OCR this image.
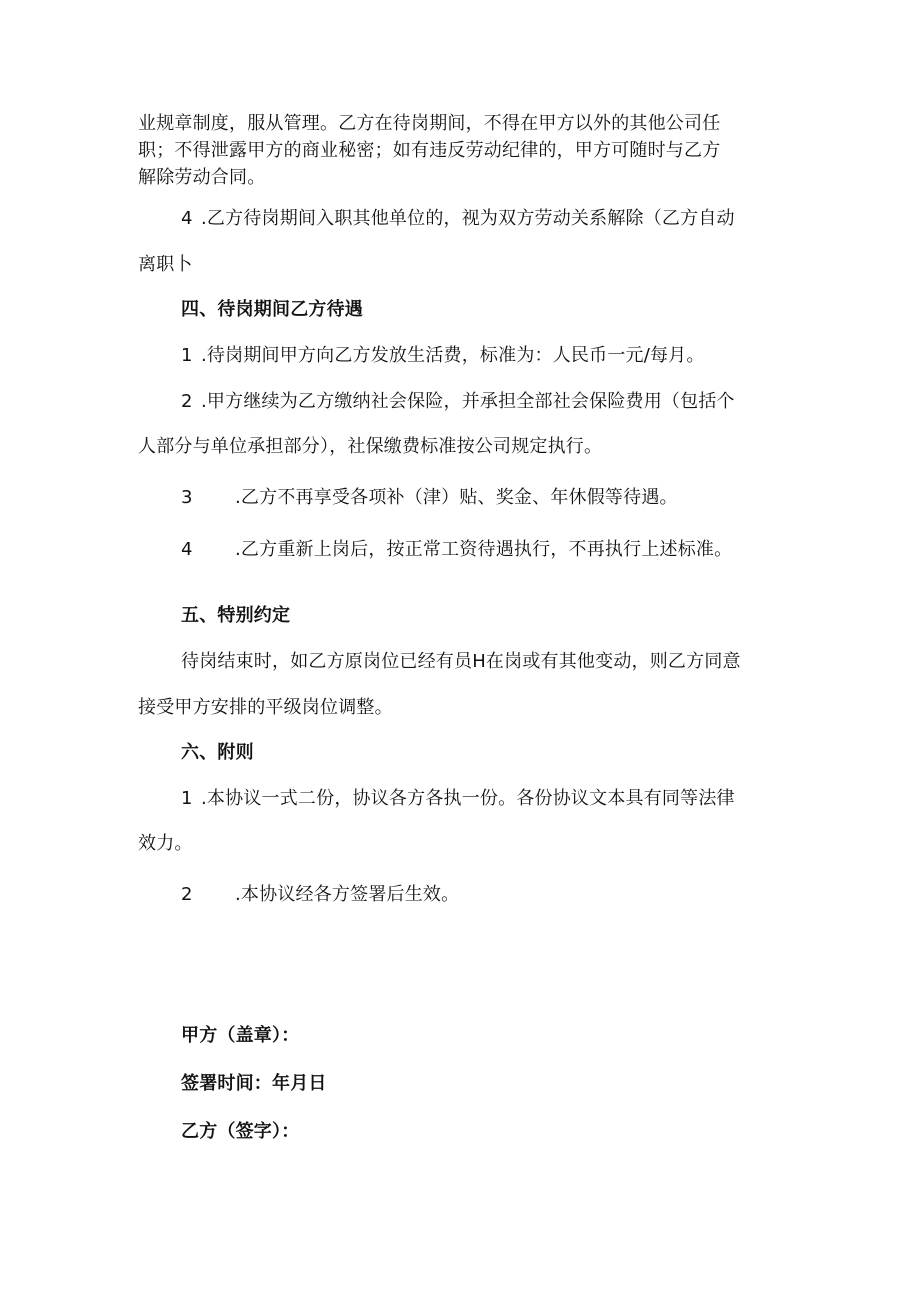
业规章制度，服从管理。乙方在待岗期间，不得在甲方以外的其他公司任
职；不得泄露甲方的商业秘密；如有违反劳动纪律的，甲方可随时与乙方
解除劳动合同。
4 .乙方待岗期间入职其他单位的，视为双方劳动关系解除（乙方自动
离职卜
四、待岗期间乙方待遇
1 .待岗期间甲方向乙方发放生活费，标准为：人民币一元/每月。
2 .甲方继续为乙方缴纳社会保险，并承担全部社会保险费用（包括个
人部分与单位承担部分），社保缴费标准按公司规定执行。
3 .乙方不再享受各项补（津）贴、奖金、年休假等待遇。
4 .乙方重新上岗后，按正常工资待遇执行，不再执行上述标准。
五、特别约定
待岗结束时，如乙方原岗位已经有员H在岗或有其他变动，则乙方同意
接受甲方安排的平级岗位调整。
六、附则
1 .本协议一式二份，协议各方各执一份。各份协议文本具有同等法律
效力。
2 .本协议经各方签署后生效。
甲方（盖章）：
签署时间：年月日
乙方（签字）：
